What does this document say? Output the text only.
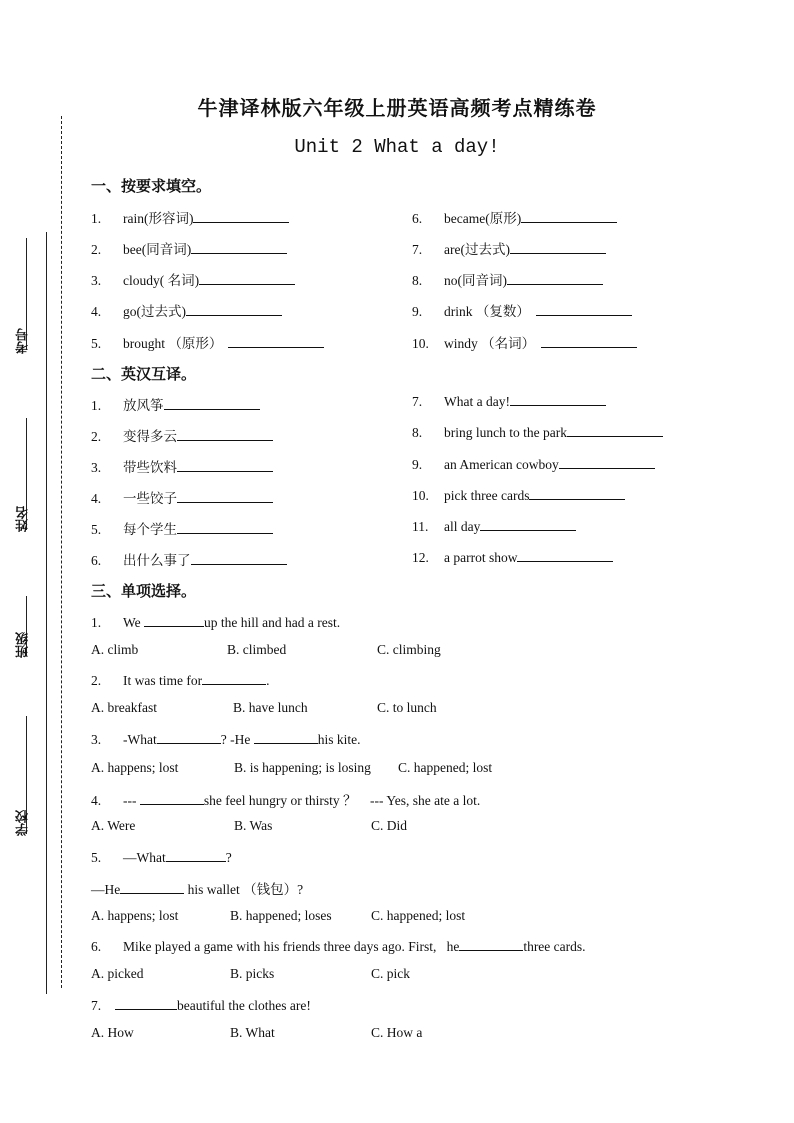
考号
姓名
班级
学校
牛津译林版六年级上册英语高频考点精练卷
Unit 2 What a day!
一、按要求填空。
1. rain(形容词)
2. bee(同音词)
3. cloudy( 名词)
4. go(过去式)
5. brought （原形）
6. became(原形)
7. are(过去式)
8. no(同音词)
9. drink （复数）
10. windy （名词）
二、英汉互译。
1. 放风筝
2. 变得多云
3. 带些饮料
4. 一些饺子
5. 每个学生
6. 出什么事了
7. What a day!
8. bring lunch to the park
9. an American cowboy
10. pick three cards
11. all day
12. a parrot show
三、单项选择。
1. We	up the hill and had a rest.
A. climb	B. climbed	C. climbing
2. It was time for	.
A. breakfast	B. have lunch	C. to lunch
3. -What	? -He	his kite.
A. happens; lost	B. is happening; is losing C. happened; lost
4. ---	she feel hungry or thirsty ？ --- Yes, she ate a lot.
A. Were	B. Was	C. Did
5. —What	?
—He	his wallet （钱包）?
A. happens; lost	B. happened; loses	C. happened; lost
6. Mike played a game with his friends three days ago. First, he	three cards.
A. picked	B. picks	C. pick
7.	beautiful the clothes are!
A. How	B. What	C. How a
